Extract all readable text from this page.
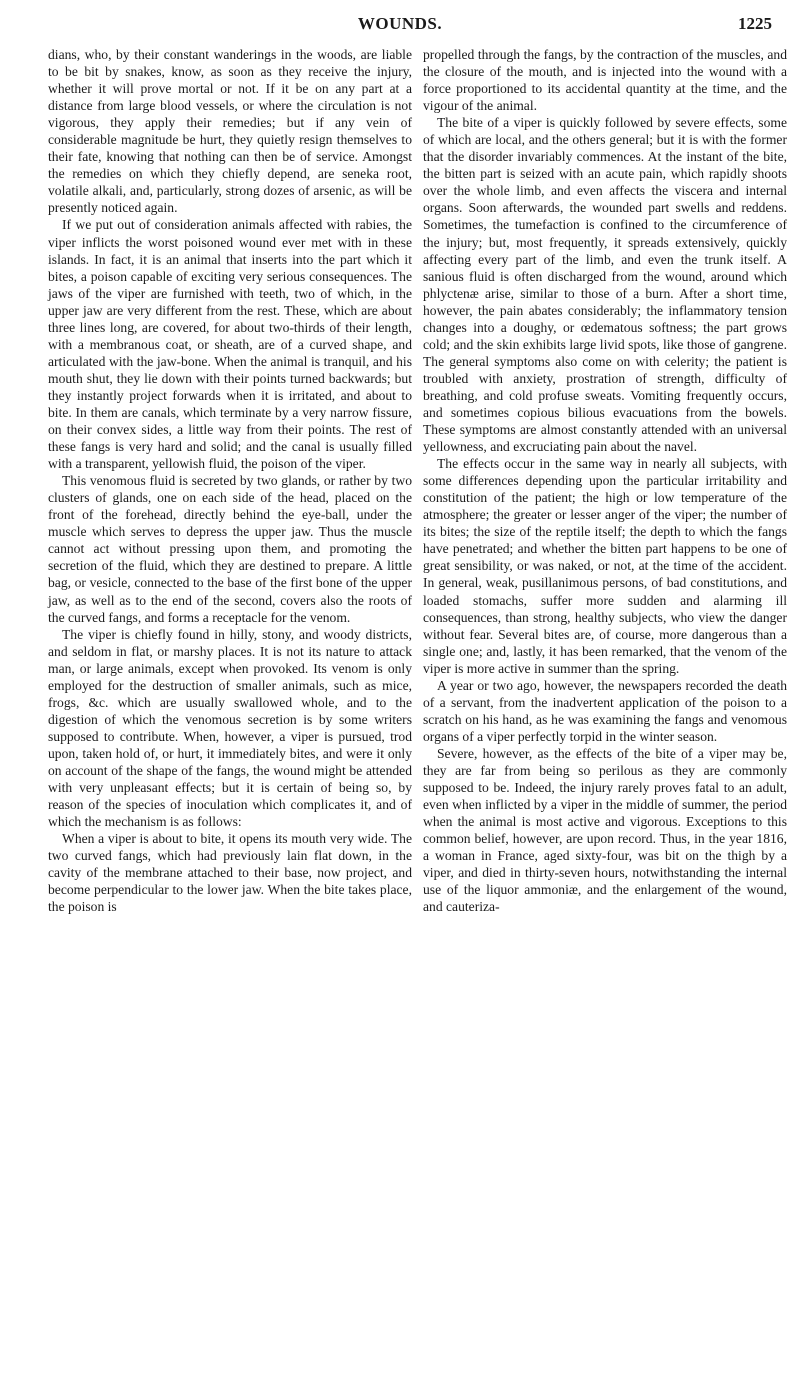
WOUNDS.	1225

dians, who, by their constant wanderings in the woods, are liable to be bit by snakes, know, as soon as they receive the injury, whether it will prove mortal or not. If it be on any part at a distance from large blood vessels, or where the circulation is not vigorous, they apply their remedies; but if any vein of considerable magnitude be hurt, they quietly resign themselves to their fate, knowing that nothing can then be of service. Amongst the remedies on which they chiefly depend, are seneka root, volatile alkali, and, particularly, strong dozes of arsenic, as will be presently noticed again.

If we put out of consideration animals affected with rabies, the viper inflicts the worst poisoned wound ever met with in these islands. In fact, it is an animal that inserts into the part which it bites, a poison capable of exciting very serious consequences. The jaws of the viper are furnished with teeth, two of which, in the upper jaw are very different from the rest. These, which are about three lines long, are covered, for about two-thirds of their length, with a membranous coat, or sheath, are of a curved shape, and articulated with the jaw-bone. When the animal is tranquil, and his mouth shut, they lie down with their points turned backwards; but they instantly project forwards when it is irritated, and about to bite. In them are canals, which terminate by a very narrow fissure, on their convex sides, a little way from their points. The rest of these fangs is very hard and solid; and the canal is usually filled with a transparent, yellowish fluid, the poison of the viper.

This venomous fluid is secreted by two glands, or rather by two clusters of glands, one on each side of the head, placed on the front of the forehead, directly behind the eye-ball, under the muscle which serves to depress the upper jaw. Thus the muscle cannot act without pressing upon them, and promoting the secretion of the fluid, which they are destined to prepare. A little bag, or vesicle, connected to the base of the first bone of the upper jaw, as well as to the end of the second, covers also the roots of the curved fangs, and forms a receptacle for the venom.

The viper is chiefly found in hilly, stony, and woody districts, and seldom in flat, or marshy places. It is not its nature to attack man, or large animals, except when provoked. Its venom is only employed for the destruction of smaller animals, such as mice, frogs, &c. which are usually swallowed whole, and to the digestion of which the venomous secretion is by some writers supposed to contribute. When, however, a viper is pursued, trod upon, taken hold of, or hurt, it immediately bites, and were it only on account of the shape of the fangs, the wound might be attended with very unpleasant effects; but it is certain of being so, by reason of the species of inoculation which complicates it, and of which the mechanism is as follows:

When a viper is about to bite, it opens its mouth very wide. The two curved fangs, which had previously lain flat down, in the cavity of the membrane attached to their base, now project, and become perpendicular to the lower jaw. When the bite takes place, the poison is

propelled through the fangs, by the contraction of the muscles, and the closure of the mouth, and is injected into the wound with a force proportioned to its accidental quantity at the time, and the vigour of the animal.

The bite of a viper is quickly followed by severe effects, some of which are local, and the others general; but it is with the former that the disorder invariably commences. At the instant of the bite, the bitten part is seized with an acute pain, which rapidly shoots over the whole limb, and even affects the viscera and internal organs. Soon afterwards, the wounded part swells and reddens. Sometimes, the tumefaction is confined to the circumference of the injury; but, most frequently, it spreads extensively, quickly affecting every part of the limb, and even the trunk itself. A sanious fluid is often discharged from the wound, around which phlyctenæ arise, similar to those of a burn. After a short time, however, the pain abates considerably; the inflammatory tension changes into a doughy, or œdematous softness; the part grows cold; and the skin exhibits large livid spots, like those of gangrene. The general symptoms also come on with celerity; the patient is troubled with anxiety, prostration of strength, difficulty of breathing, and cold profuse sweats. Vomiting frequently occurs, and sometimes copious bilious evacuations from the bowels. These symptoms are almost constantly attended with an universal yellowness, and excruciating pain about the navel.

The effects occur in the same way in nearly all subjects, with some differences depending upon the particular irritability and constitution of the patient; the high or low temperature of the atmosphere; the greater or lesser anger of the viper; the number of its bites; the size of the reptile itself; the depth to which the fangs have penetrated; and whether the bitten part happens to be one of great sensibility, or was naked, or not, at the time of the accident. In general, weak, pusillanimous persons, of bad constitutions, and loaded stomachs, suffer more sudden and alarming ill consequences, than strong, healthy subjects, who view the danger without fear. Several bites are, of course, more dangerous than a single one; and, lastly, it has been remarked, that the venom of the viper is more active in summer than the spring.

A year or two ago, however, the newspapers recorded the death of a servant, from the inadvertent application of the poison to a scratch on his hand, as he was examining the fangs and venomous organs of a viper perfectly torpid in the winter season.

Severe, however, as the effects of the bite of a viper may be, they are far from being so perilous as they are commonly supposed to be. Indeed, the injury rarely proves fatal to an adult, even when inflicted by a viper in the middle of summer, the period when the animal is most active and vigorous. Exceptions to this common belief, however, are upon record. Thus, in the year 1816, a woman in France, aged sixty-four, was bit on the thigh by a viper, and died in thirty-seven hours, notwithstanding the internal use of the liquor ammoniæ, and the enlargement of the wound, and cauteriza-
